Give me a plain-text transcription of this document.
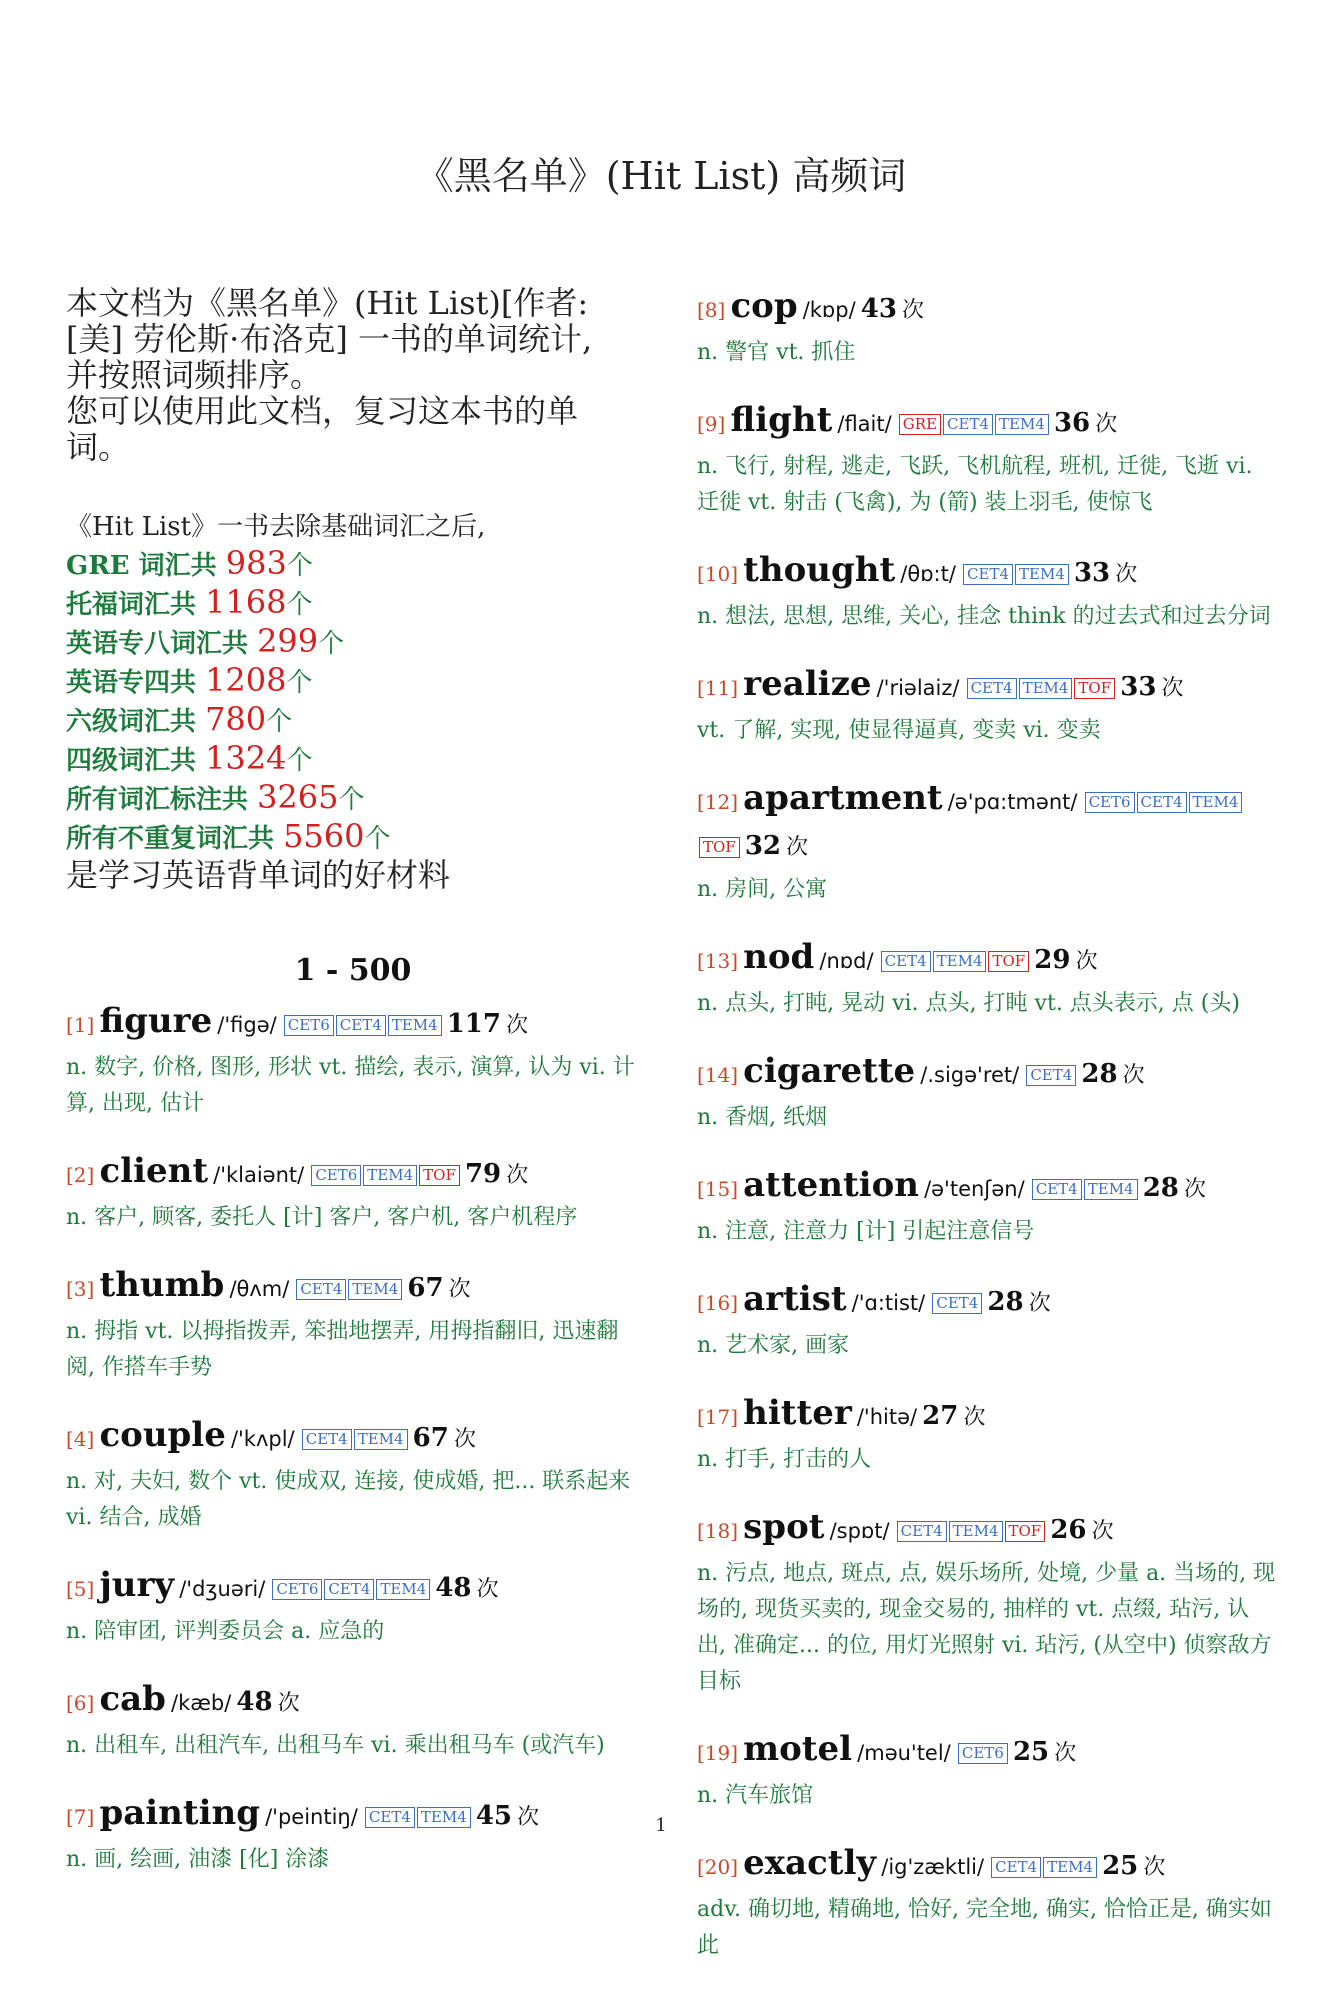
《黑名单》(Hit List) 高频词
本文档为《黑名单》(Hit List)[作者:
[美] 劳伦斯·布洛克] 一书的单词统计,
并按照词频排序。
您可以使用此文档，复习这本书的单
词。
《Hit List》一书去除基础词汇之后,
GRE 词汇共 983个
托福词汇共 1168个
英语专八词汇共 299个
英语专四共 1208个
六级词汇共 780个
四级词汇共 1324个
所有词汇标注共 3265个
所有不重复词汇共 5560个
是学习英语背单词的好材料
1 - 500
[1] figure /'figə/ CET6 CET4 TEM4 117 次
n. 数字, 价格, 图形, 形状 vt. 描绘, 表示, 演算, 认为 vi. 计算, 出现, 估计
[2] client /'klaiənt/ CET6 TEM4 TOF 79 次
n. 客户, 顾客, 委托人 [计] 客户, 客户机, 客户机程序
[3] thumb /θʌm/ CET4 TEM4 67 次
n. 拇指 vt. 以拇指拨弄, 笨拙地摆弄, 用拇指翻旧, 迅速翻阅, 作搭车手势
[4] couple /'kʌpl/ CET4 TEM4 67 次
n. 对, 夫妇, 数个 vt. 使成双, 连接, 使成婚, 把... 联系起来 vi. 结合, 成婚
[5] jury /'dʒuəri/ CET6 CET4 TEM4 48 次
n. 陪审团, 评判委员会 a. 应急的
[6] cab /kæb/ 48 次
n. 出租车, 出租汽车, 出租马车 vi. 乘出租马车 (或汽车)
[7] painting /'peintiŋ/ CET4 TEM4 45 次
n. 画, 绘画, 油漆 [化] 涂漆
[8] cop /kɒp/ 43 次
n. 警官 vt. 抓住
[9] flight /flait/ GRE CET4 TEM4 36 次
n. 飞行, 射程, 逃走, 飞跃, 飞机航程, 班机, 迁徙, 飞逝 vi. 迁徙 vt. 射击 (飞禽), 为 (箭) 装上羽毛, 使惊飞
[10] thought /θɒ:t/ CET4 TEM4 33 次
n. 想法, 思想, 思维, 关心, 挂念 think 的过去式和过去分词
[11] realize /'riəlaiz/ CET4 TEM4 TOF 33 次
vt. 了解, 实现, 使显得逼真, 变卖 vi. 变卖
[12] apartment /ə'pɑ:tmənt/ CET6 CET4 TEM4TOF 32 次
n. 房间, 公寓
[13] nod /nɒd/ CET4 TEM4 TOF 29 次
n. 点头, 打盹, 晃动 vi. 点头, 打盹 vt. 点头表示, 点 (头)
[14] cigarette /.sigə'ret/ CET4 28 次
n. 香烟, 纸烟
[15] attention /ə'tenʃən/ CET4 TEM4 28 次
n. 注意, 注意力 [计] 引起注意信号
[16] artist /'ɑ:tist/ CET4 28 次
n. 艺术家, 画家
[17] hitter /'hitə/ 27 次
n. 打手, 打击的人
[18] spot /spɒt/ CET4 TEM4 TOF 26 次
n. 污点, 地点, 斑点, 点, 娱乐场所, 处境, 少量 a. 当场的, 现场的, 现货买卖的, 现金交易的, 抽样的 vt. 点缀, 玷污, 认出, 准确定... 的位, 用灯光照射 vi. 玷污, (从空中) 侦察敌方目标
[19] motel /məu'tel/ CET6 25 次
n. 汽车旅馆
[20] exactly /ig'zæktli/ CET4 TEM4 25 次
adv. 确切地, 精确地, 恰好, 完全地, 确实, 恰恰正是, 确实如此
1
